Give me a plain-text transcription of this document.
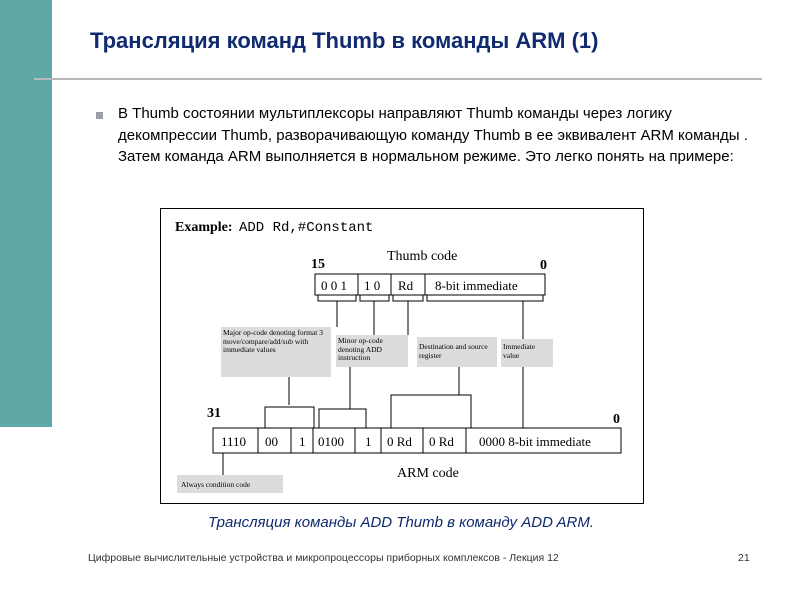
Трансляция команд Thumb в команды ARM (1)
В Thumb состоянии мультиплексоры направляют Thumb команды через логику декомпрессии Thumb, разворачивающую команду Thumb в ее эквивалент ARM команды . Затем команда ARM выполняется в нормальном режиме. Это легко понять на примере:
Example: ADD Rd,#Constant
Thumb code
15	0
0 0 1 1 0 Rd 8-bit immediate
Major op-code denoting format 3 move/compare/add/sub with immediate values
Minor op-code denoting ADD instruction
Destination and source register
Immediate value
31	0
1110 00 1 0100 1 0 Rd 0 Rd 0000 8-bit immediate
Always condition code
ARM code
Трансляция команды ADD Thumb в команду ADD ARM.
Цифровые вычислительные устройства и микропроцессоры приборных комплексов - Лекция 12	21
